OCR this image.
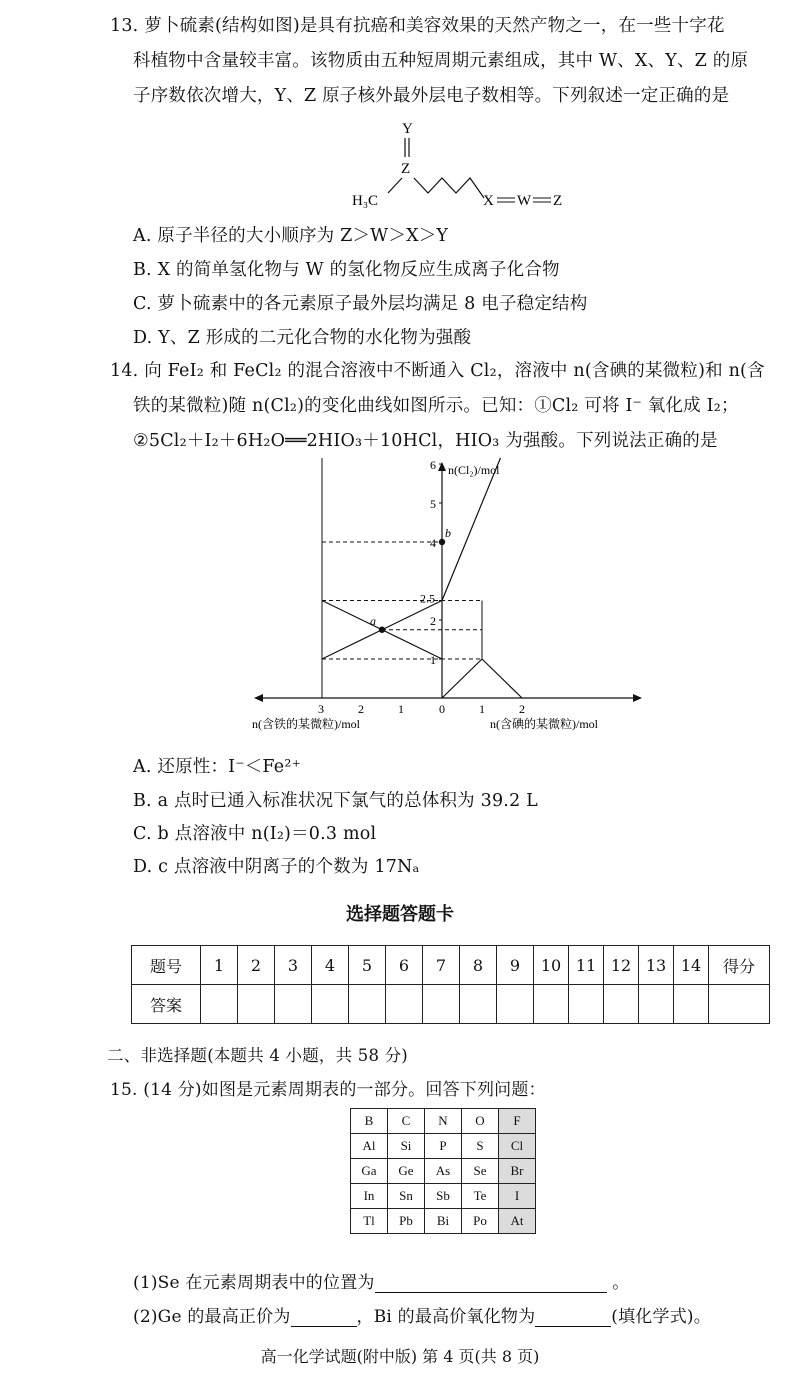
13. 萝卜硫素(结构如图)是具有抗癌和美容效果的天然产物之一，在一些十字花
科植物中含量较丰富。该物质由五种短周期元素组成，其中 W、X、Y、Z 的原
子序数依次增大，Y、Z 原子核外最外层电子数相等。下列叙述一定正确的是
Y
Z
H₃C	X W Z
A. 原子半径的大小顺序为 Z＞W＞X＞Y
B. X 的简单氢化物与 W 的氢化物反应生成离子化合物
C. 萝卜硫素中的各元素原子最外层均满足 8 电子稳定结构
D. Y、Z 形成的二元化合物的水化物为强酸
14. 向 FeI₂ 和 FeCl₂ 的混合溶液中不断通入 Cl₂，溶液中 n(含碘的某微粒)和 n(含
铁的某微粒)随 n(Cl₂)的变化曲线如图所示。已知：①Cl₂ 可将 I⁻ 氧化成 I₂；
②5Cl₂＋I₂＋6H₂O══2HIO₃＋10HCl，HIO₃ 为强酸。下列说法正确的是
1
2
2.5
4
5
6
3	2	1	0	1	2
a
b
n(Cl₂)/mol
n(含铁的某微粒)/mol	n(含碘的某微粒)/mol
A. 还原性：I⁻＜Fe²⁺
B. a 点时已通入标准状况下氯气的总体积为 39.2 L
C. b 点溶液中 n(I₂)＝0.3 mol
D. c 点溶液中阴离子的个数为 17Nₐ
选择题答题卡
题号	1	2	3	4	5	6	7	8	9	10	11	12	13	14	得分
答案															
二、非选择题(本题共 4 小题，共 58 分)
15. (14 分)如图是元素周期表的一部分。回答下列问题：
B	C	N	O	F
Al	Si	P	S	Cl
Ga	Ge	As	Se	Br
In	Sn	Sb	Te	I
Tl	Pb	Bi	Po	At
(1)Se 在元素周期表中的位置为	。
(2)Ge 的最高正价为	，Bi 的最高价氧化物为	(填化学式)。
高一化学试题(附中版) 第 4 页(共 8 页)
